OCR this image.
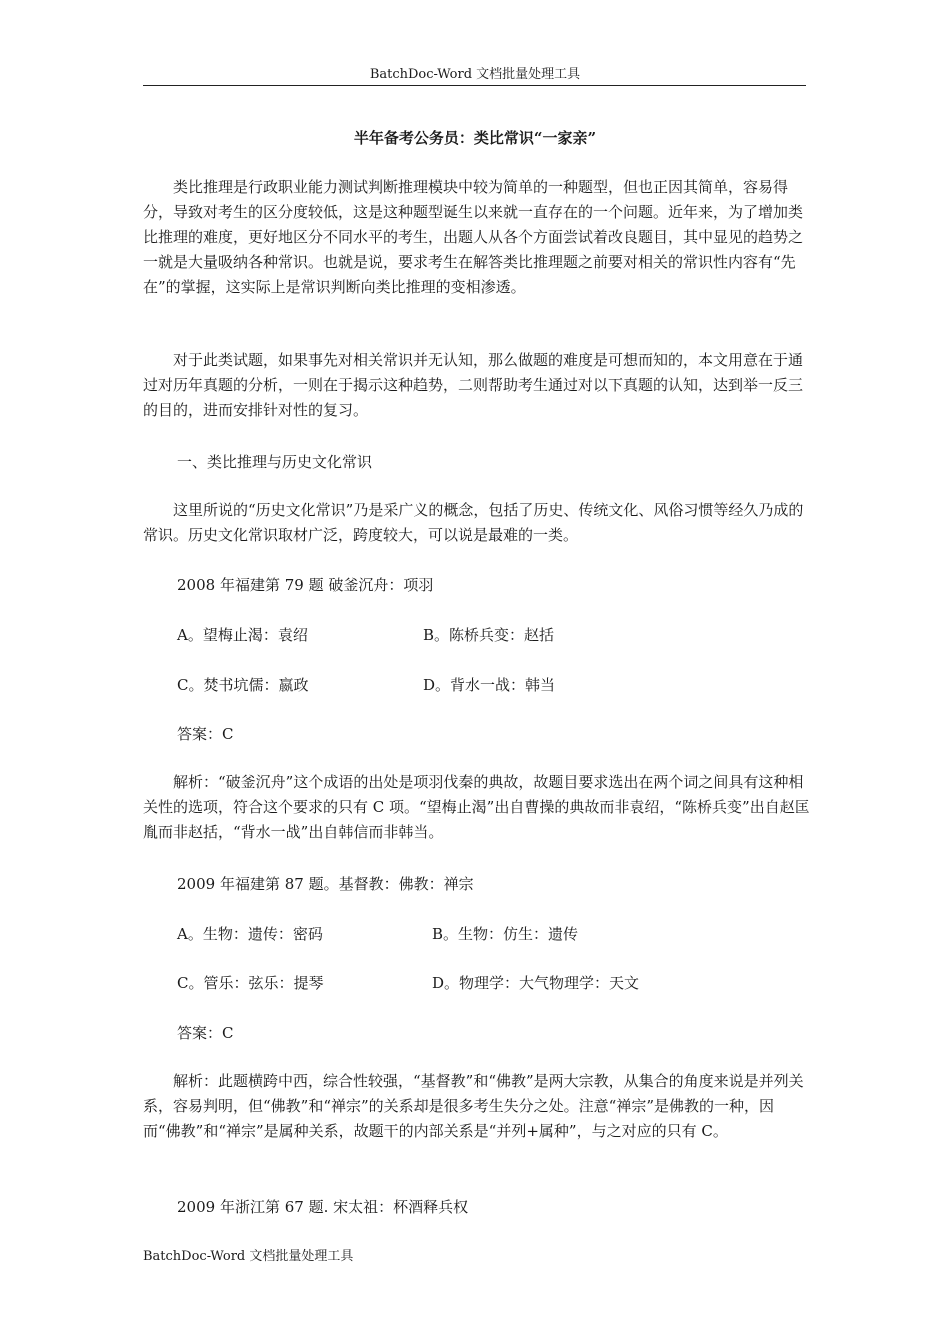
BatchDoc-Word 文档批量处理工具
半年备考公务员：类比常识“一家亲”

类比推理是行政职业能力测试判断推理模块中较为简单的一种题型，但也正因其简单，容易得分，导致对考生的区分度较低，这是这种题型诞生以来就一直存在的一个问题。近年来，为了增加类比推理的难度，更好地区分不同水平的考生，出题人从各个方面尝试着改良题目，其中显见的趋势之一就是大量吸纳各种常识。也就是说，要求考生在解答类比推理题之前要对相关的常识性内容有“先在”的掌握，这实际上是常识判断向类比推理的变相渗透。

对于此类试题，如果事先对相关常识并无认知，那么做题的难度是可想而知的，本文用意在于通过对历年真题的分析，一则在于揭示这种趋势，二则帮助考生通过对以下真题的认知，达到举一反三的目的，进而安排针对性的复习。

一、类比推理与历史文化常识

这里所说的“历史文化常识”乃是采广义的概念，包括了历史、传统文化、风俗习惯等经久乃成的常识。历史文化常识取材广泛，跨度较大，可以说是最难的一类。

2008 年福建第 79 题 破釜沉舟：项羽
A。望梅止渴：袁绍	B。陈桥兵变：赵括
C。焚书坑儒：嬴政	D。背水一战：韩当
答案：C

解析：“破釜沉舟”这个成语的出处是项羽伐秦的典故，故题目要求选出在两个词之间具有这种相关性的选项，符合这个要求的只有 C 项。“望梅止渴”出自曹操的典故而非袁绍，“陈桥兵变”出自赵匡胤而非赵括，“背水一战”出自韩信而非韩当。

2009 年福建第 87 题。基督教：佛教：禅宗
A。生物：遗传：密码	B。生物：仿生：遗传
C。管乐：弦乐：提琴	D。物理学：大气物理学：天文
答案：C

解析：此题横跨中西，综合性较强，“基督教”和“佛教”是两大宗教，从集合的角度来说是并列关系，容易判明，但“佛教”和“禅宗”的关系却是很多考生失分之处。注意“禅宗”是佛教的一种，因而“佛教”和“禅宗”是属种关系，故题干的内部关系是“并列+属种”，与之对应的只有 C。

2009 年浙江第 67 题. 宋太祖：杯酒释兵权
BatchDoc-Word 文档批量处理工具
